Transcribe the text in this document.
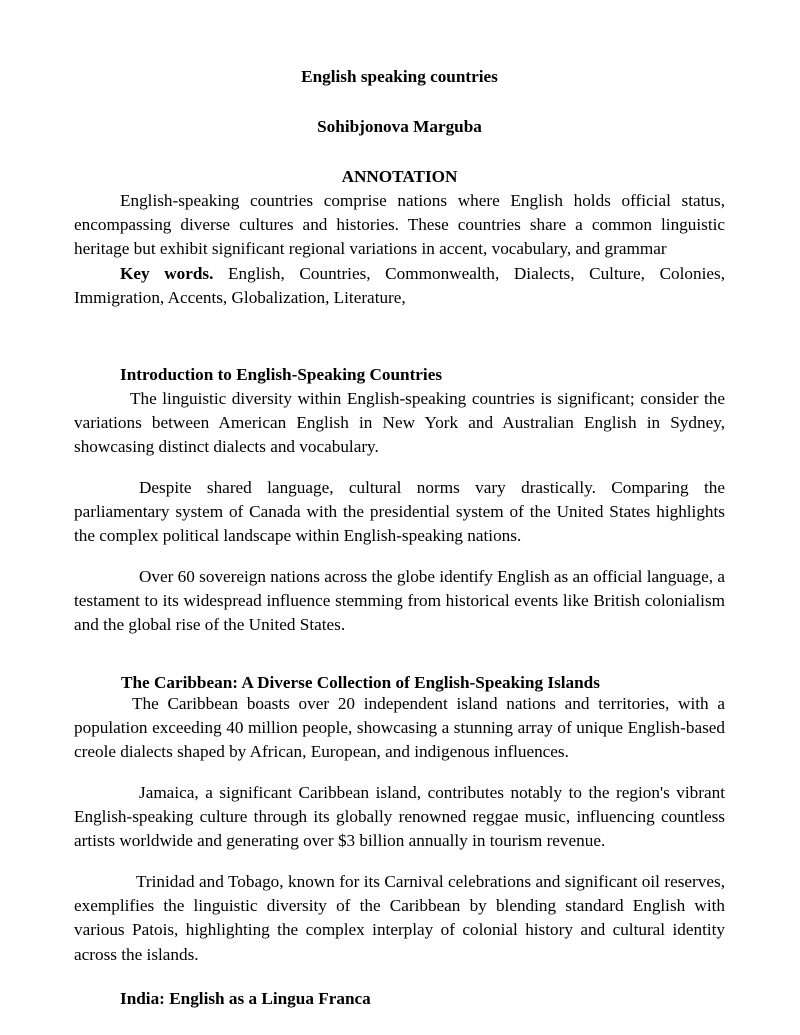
English speaking countries
Sohibjonova Marguba
ANNOTATION

English-speaking countries comprise nations where English holds official status, encompassing diverse cultures and histories. These countries share a common linguistic heritage but exhibit significant regional variations in accent, vocabulary, and grammar

Key words. English, Countries, Commonwealth, Dialects, Culture, Colonies, Immigration, Accents, Globalization, Literature,

Introduction to English-Speaking Countries

The linguistic diversity within English-speaking countries is significant; consider the variations between American English in New York and Australian English in Sydney, showcasing distinct dialects and vocabulary.

Despite shared language, cultural norms vary drastically. Comparing the parliamentary system of Canada with the presidential system of the United States highlights the complex political landscape within English-speaking nations.

Over 60 sovereign nations across the globe identify English as an official language, a testament to its widespread influence stemming from historical events like British colonialism and the global rise of the United States.

The Caribbean: A Diverse Collection of English-Speaking Islands

The Caribbean boasts over 20 independent island nations and territories, with a population exceeding 40 million people, showcasing a stunning array of unique English-based creole dialects shaped by African, European, and indigenous influences.

Jamaica, a significant Caribbean island, contributes notably to the region's vibrant English-speaking culture through its globally renowned reggae music, influencing countless artists worldwide and generating over $3 billion annually in tourism revenue.

Trinidad and Tobago, known for its Carnival celebrations and significant oil reserves, exemplifies the linguistic diversity of the Caribbean by blending standard English with various Patois, highlighting the complex interplay of colonial history and cultural identity across the islands.

India: English as a Lingua Franca
